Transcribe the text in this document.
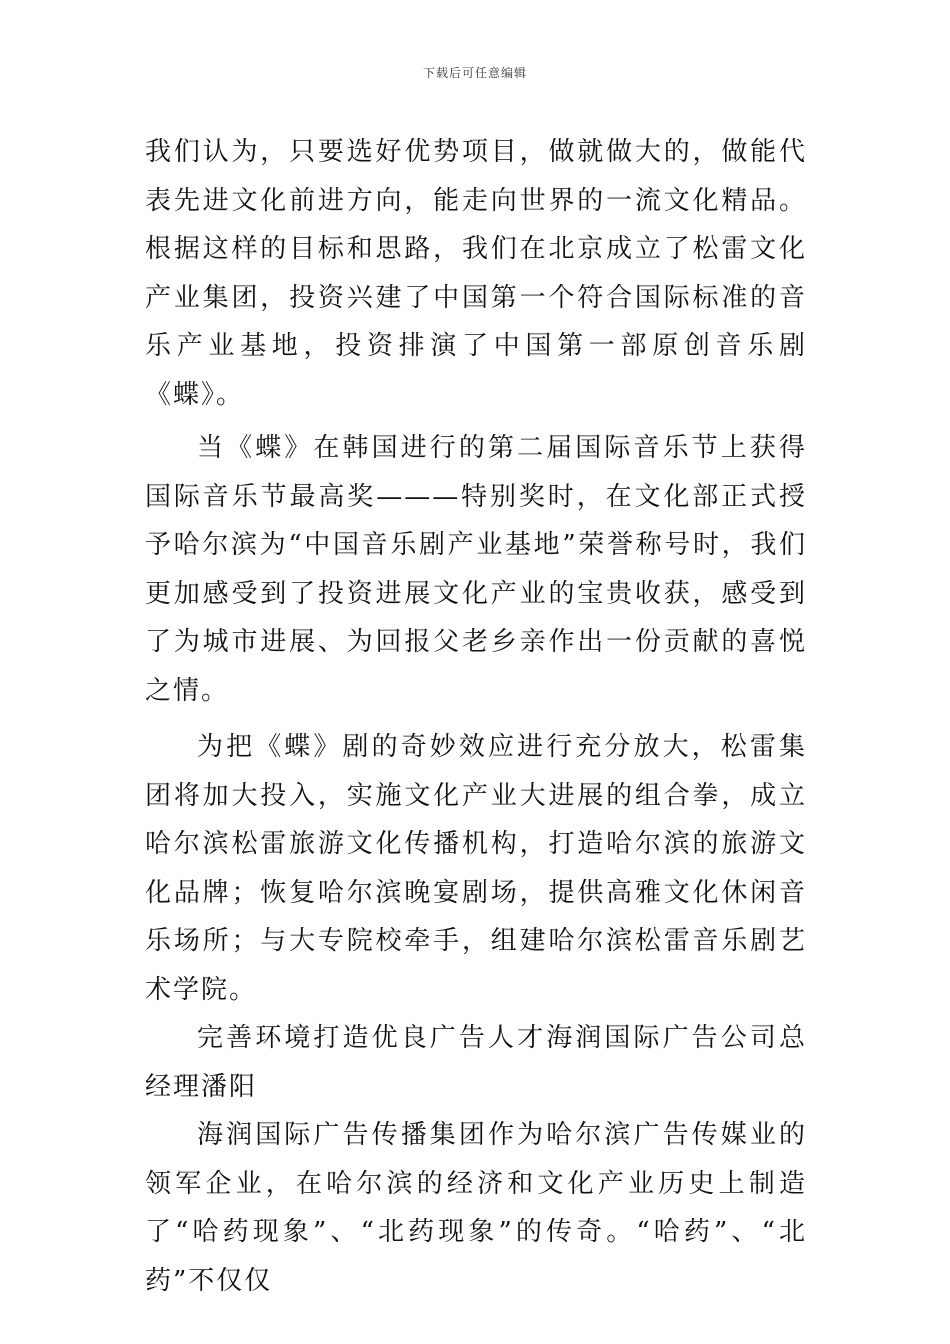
下载后可任意编辑

我们认为，只要选好优势项目，做就做大的，做能代表先进文化前进方向，能走向世界的一流文化精品。根据这样的目标和思路，我们在北京成立了松雷文化产业集团，投资兴建了中国第一个符合国际标准的音乐产业基地，投资排演了中国第一部原创音乐剧《蝶》。

当《蝶》在韩国进行的第二届国际音乐节上获得国际音乐节最高奖———特别奖时，在文化部正式授予哈尔滨为“中国音乐剧产业基地”荣誉称号时，我们更加感受到了投资进展文化产业的宝贵收获，感受到了为城市进展、为回报父老乡亲作出一份贡献的喜悦之情。

为把《蝶》剧的奇妙效应进行充分放大，松雷集团将加大投入，实施文化产业大进展的组合拳，成立哈尔滨松雷旅游文化传播机构，打造哈尔滨的旅游文化品牌；恢复哈尔滨晚宴剧场，提供高雅文化休闲音乐场所；与大专院校牵手，组建哈尔滨松雷音乐剧艺术学院。

完善环境打造优良广告人才海润国际广告公司总经理潘阳

海润国际广告传播集团作为哈尔滨广告传媒业的领军企业，在哈尔滨的经济和文化产业历史上制造了“哈药现象”、“北药现象”的传奇。“哈药”、“北药”不仅仅
